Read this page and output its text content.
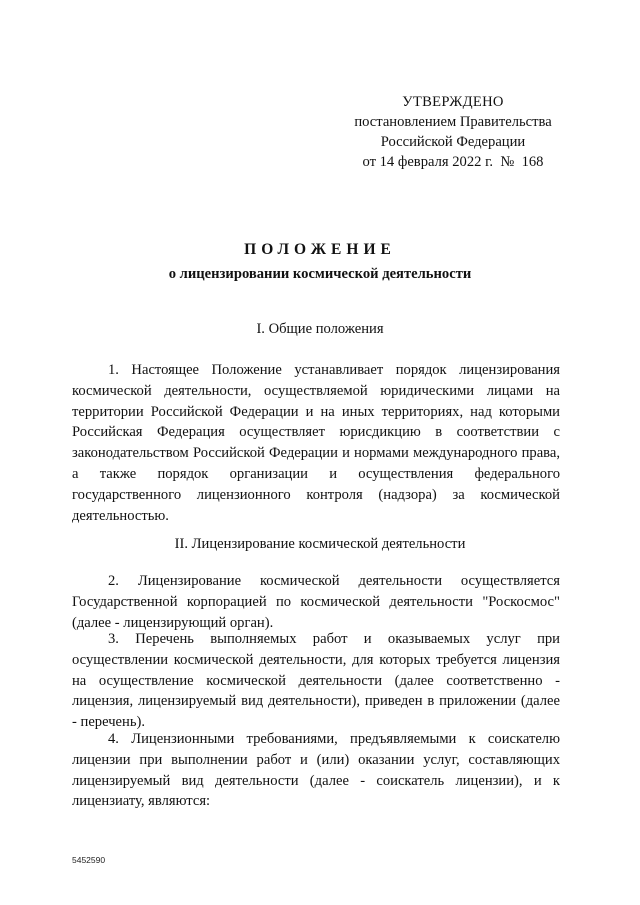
УТВЕРЖДЕНО
постановлением Правительства
Российской Федерации
от 14 февраля 2022 г.  №  168
ПОЛОЖЕНИЕ
о лицензировании космической деятельности
I. Общие положения
1. Настоящее Положение устанавливает порядок лицензирования космической деятельности, осуществляемой юридическими лицами на территории Российской Федерации и на иных территориях, над которыми Российская Федерация осуществляет юрисдикцию в соответствии с законодательством Российской Федерации и нормами международного права, а также порядок организации и осуществления федерального государственного лицензионного контроля (надзора) за космической деятельностью.
II. Лицензирование космической деятельности
2. Лицензирование космической деятельности осуществляется Государственной корпорацией по космической деятельности "Роскосмос" (далее - лицензирующий орган).
3. Перечень выполняемых работ и оказываемых услуг при осуществлении космической деятельности, для которых требуется лицензия на осуществление космической деятельности (далее соответственно - лицензия, лицензируемый вид деятельности), приведен в приложении (далее - перечень).
4. Лицензионными требованиями, предъявляемыми к соискателю лицензии при выполнении работ и (или) оказании услуг, составляющих лицензируемый вид деятельности (далее - соискатель лицензии), и к лицензиату, являются:
5452590
